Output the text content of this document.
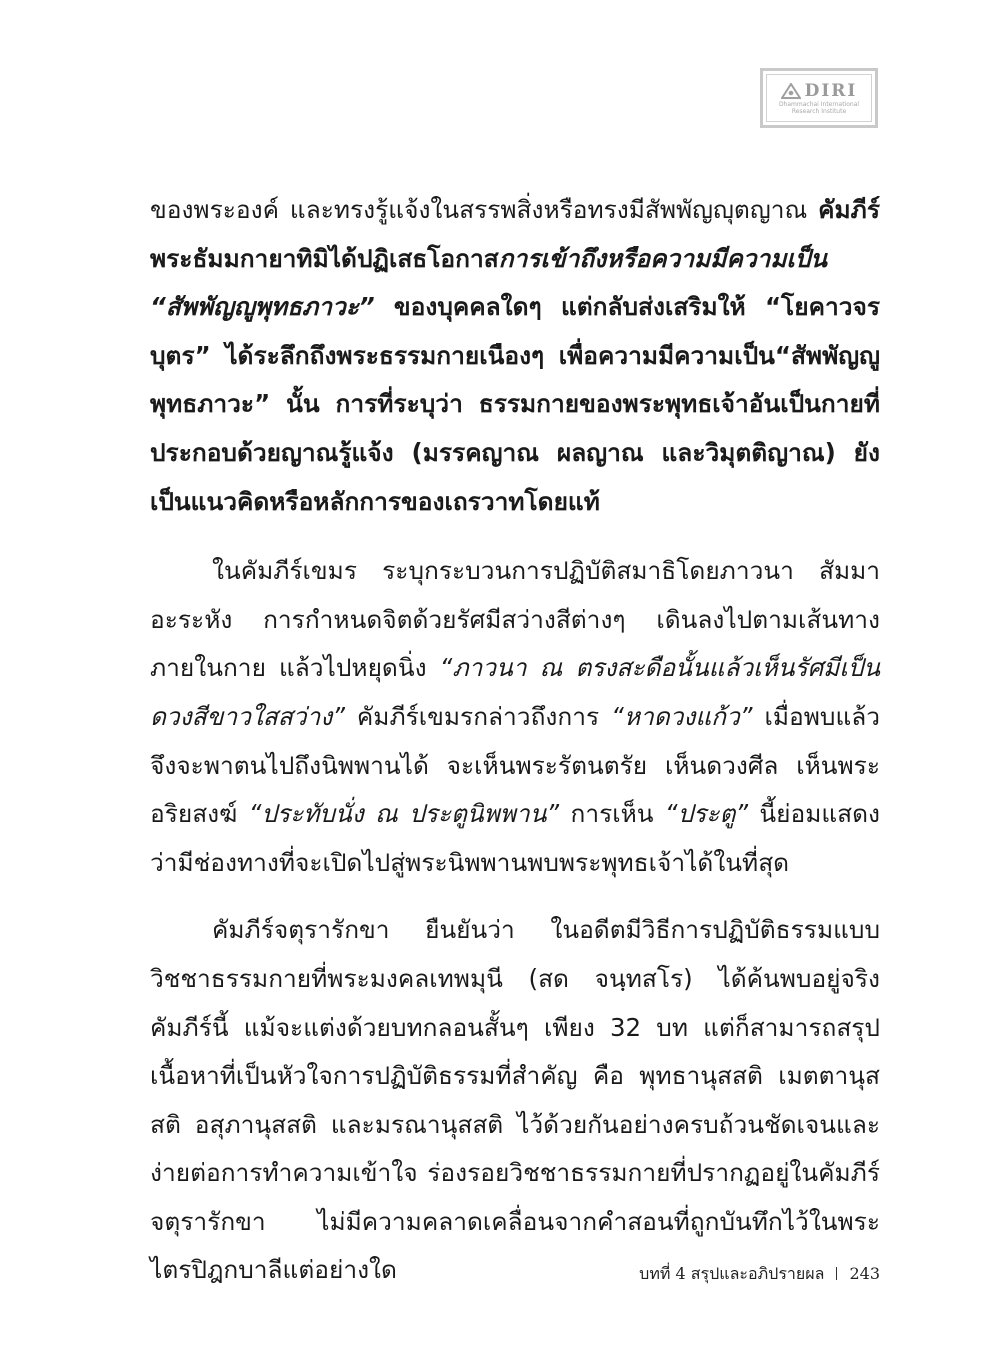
DIRI
Dhammachai International
Research Institute

ของพระองค์ และทรงรู้แจ้งในสรรพสิ่งหรือทรงมีสัพพัญญุตญาณ คัมภีร์พระธัมมกายาทิมิได้ปฏิเสธโอกาสการเข้าถึงหรือความมีความเป็น “สัพพัญญูพุทธภาวะ” ของบุคคลใดๆ แต่กลับส่งเสริมให้ “โยคาวจรบุตร” ได้ระลึกถึงพระธรรมกายเนืองๆ เพื่อความมีความเป็น“สัพพัญญูพุทธภาวะ” นั้น การที่ระบุว่า ธรรมกายของพระพุทธเจ้าอันเป็นกายที่ประกอบด้วยญาณรู้แจ้ง (มรรคญาณ ผลญาณ และวิมุตติญาณ) ยังเป็นแนวคิดหรือหลักการของเถรวาทโดยแท้

ในคัมภีร์เขมร ระบุกระบวนการปฏิบัติสมาธิโดยภาวนา สัมมา อะระหัง การกำหนดจิตด้วยรัศมีสว่างสีต่างๆ เดินลงไปตามเส้นทางภายในกาย แล้วไปหยุดนิ่ง “ภาวนา ณ ตรงสะดือนั้นแล้วเห็นรัศมีเป็นดวงสีขาวใสสว่าง” คัมภีร์เขมรกล่าวถึงการ “หาดวงแก้ว” เมื่อพบแล้วจึงจะพาตนไปถึงนิพพานได้ จะเห็นพระรัตนตรัย เห็นดวงศีล เห็นพระอริยสงฆ์ “ประทับนั่ง ณ ประตูนิพพาน” การเห็น “ประตู” นี้ย่อมแสดงว่ามีช่องทางที่จะเปิดไปสู่พระนิพพานพบพระพุทธเจ้าได้ในที่สุด

คัมภีร์จตุรารักขา ยืนยันว่า ในอดีตมีวิธีการปฏิบัติธรรมแบบวิชชาธรรมกายที่พระมงคลเทพมุนี (สด จนฺทสโร) ได้ค้นพบอยู่จริง คัมภีร์นี้ แม้จะแต่งด้วยบทกลอนสั้นๆ เพียง 32 บท แต่ก็สามารถสรุปเนื้อหาที่เป็นหัวใจการปฏิบัติธรรมที่สำคัญ คือ พุทธานุสสติ เมตตานุสสติ อสุภานุสสติ และมรณานุสสติ ไว้ด้วยกันอย่างครบถ้วนชัดเจนและง่ายต่อการทำความเข้าใจ ร่องรอยวิชชาธรรมกายที่ปรากฏอยู่ในคัมภีร์จตุรารักขา ไม่มีความคลาดเคลื่อนจากคำสอนที่ถูกบันทึกไว้ในพระไตรปิฎกบาลีแต่อย่างใด	บทที่ 4 สรุปและอภิปรายผล 243
